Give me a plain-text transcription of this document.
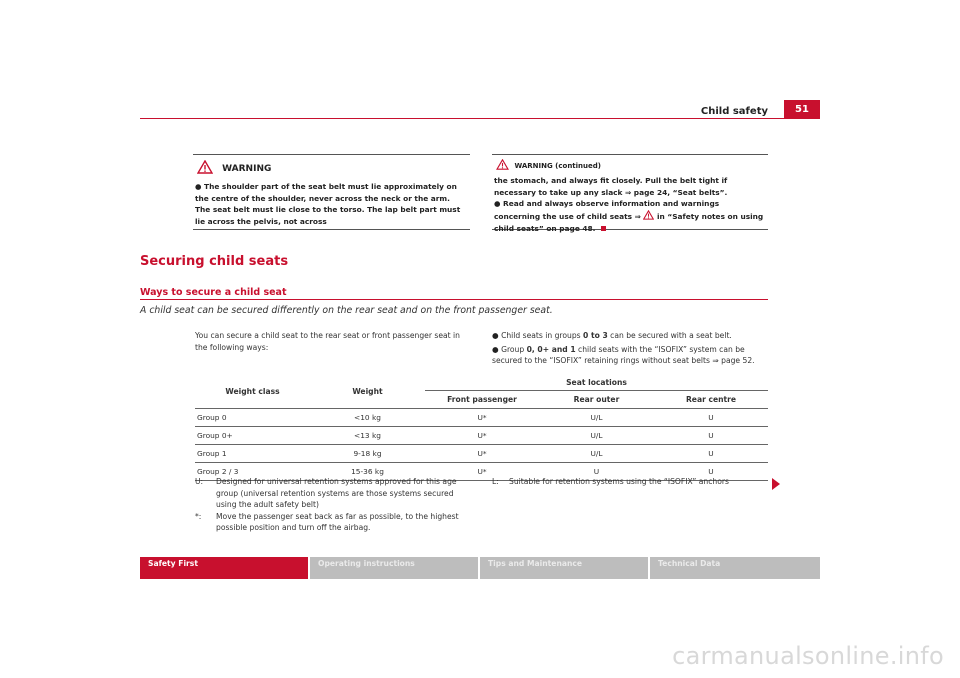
Child safety	51
WARNING
● The shoulder part of the seat belt must lie approximately on the centre of the shoulder, never across the neck or the arm. The seat belt must lie close to the torso. The lap belt part must lie across the pelvis, not across
WARNING (continued)
the stomach, and always fit closely. Pull the belt tight if necessary to take up any slack ⇒ page 24, “Seat belts”.
● Read and always observe information and warnings concerning the use of child seats ⇒ in “Safety notes on using child seats” on page 48.
Securing child seats
Ways to secure a child seat
A child seat can be secured differently on the rear seat and on the front passenger seat.
You can secure a child seat to the rear seat or front passenger seat in the following ways:
● Child seats in groups 0 to 3 can be secured with a seat belt.
● Group 0, 0+ and 1 child seats with the “ISOFIX” system can be secured to the “ISOFIX” retaining rings without seat belts ⇒ page 52.
Weight class	Weight	Seat locations		
		Front passenger	Rear outer	Rear centre
Group 0	<10 kg	U*	U/L	U
Group 0+	<13 kg	U*	U/L	U
Group 1	9-18 kg	U*	U/L	U
Group 2 / 3	15-36 kg	U*	U	U
U: Designed for universal retention systems approved for this age group (universal retention systems are those systems secured using the adult safety belt)
*: Move the passenger seat back as far as possible, to the highest possible position and turn off the airbag.
L: Suitable for retention systems using the “ISOFIX” anchors
Safety First	Operating instructions	Tips and Maintenance	Technical Data
carmanualsonline.info
